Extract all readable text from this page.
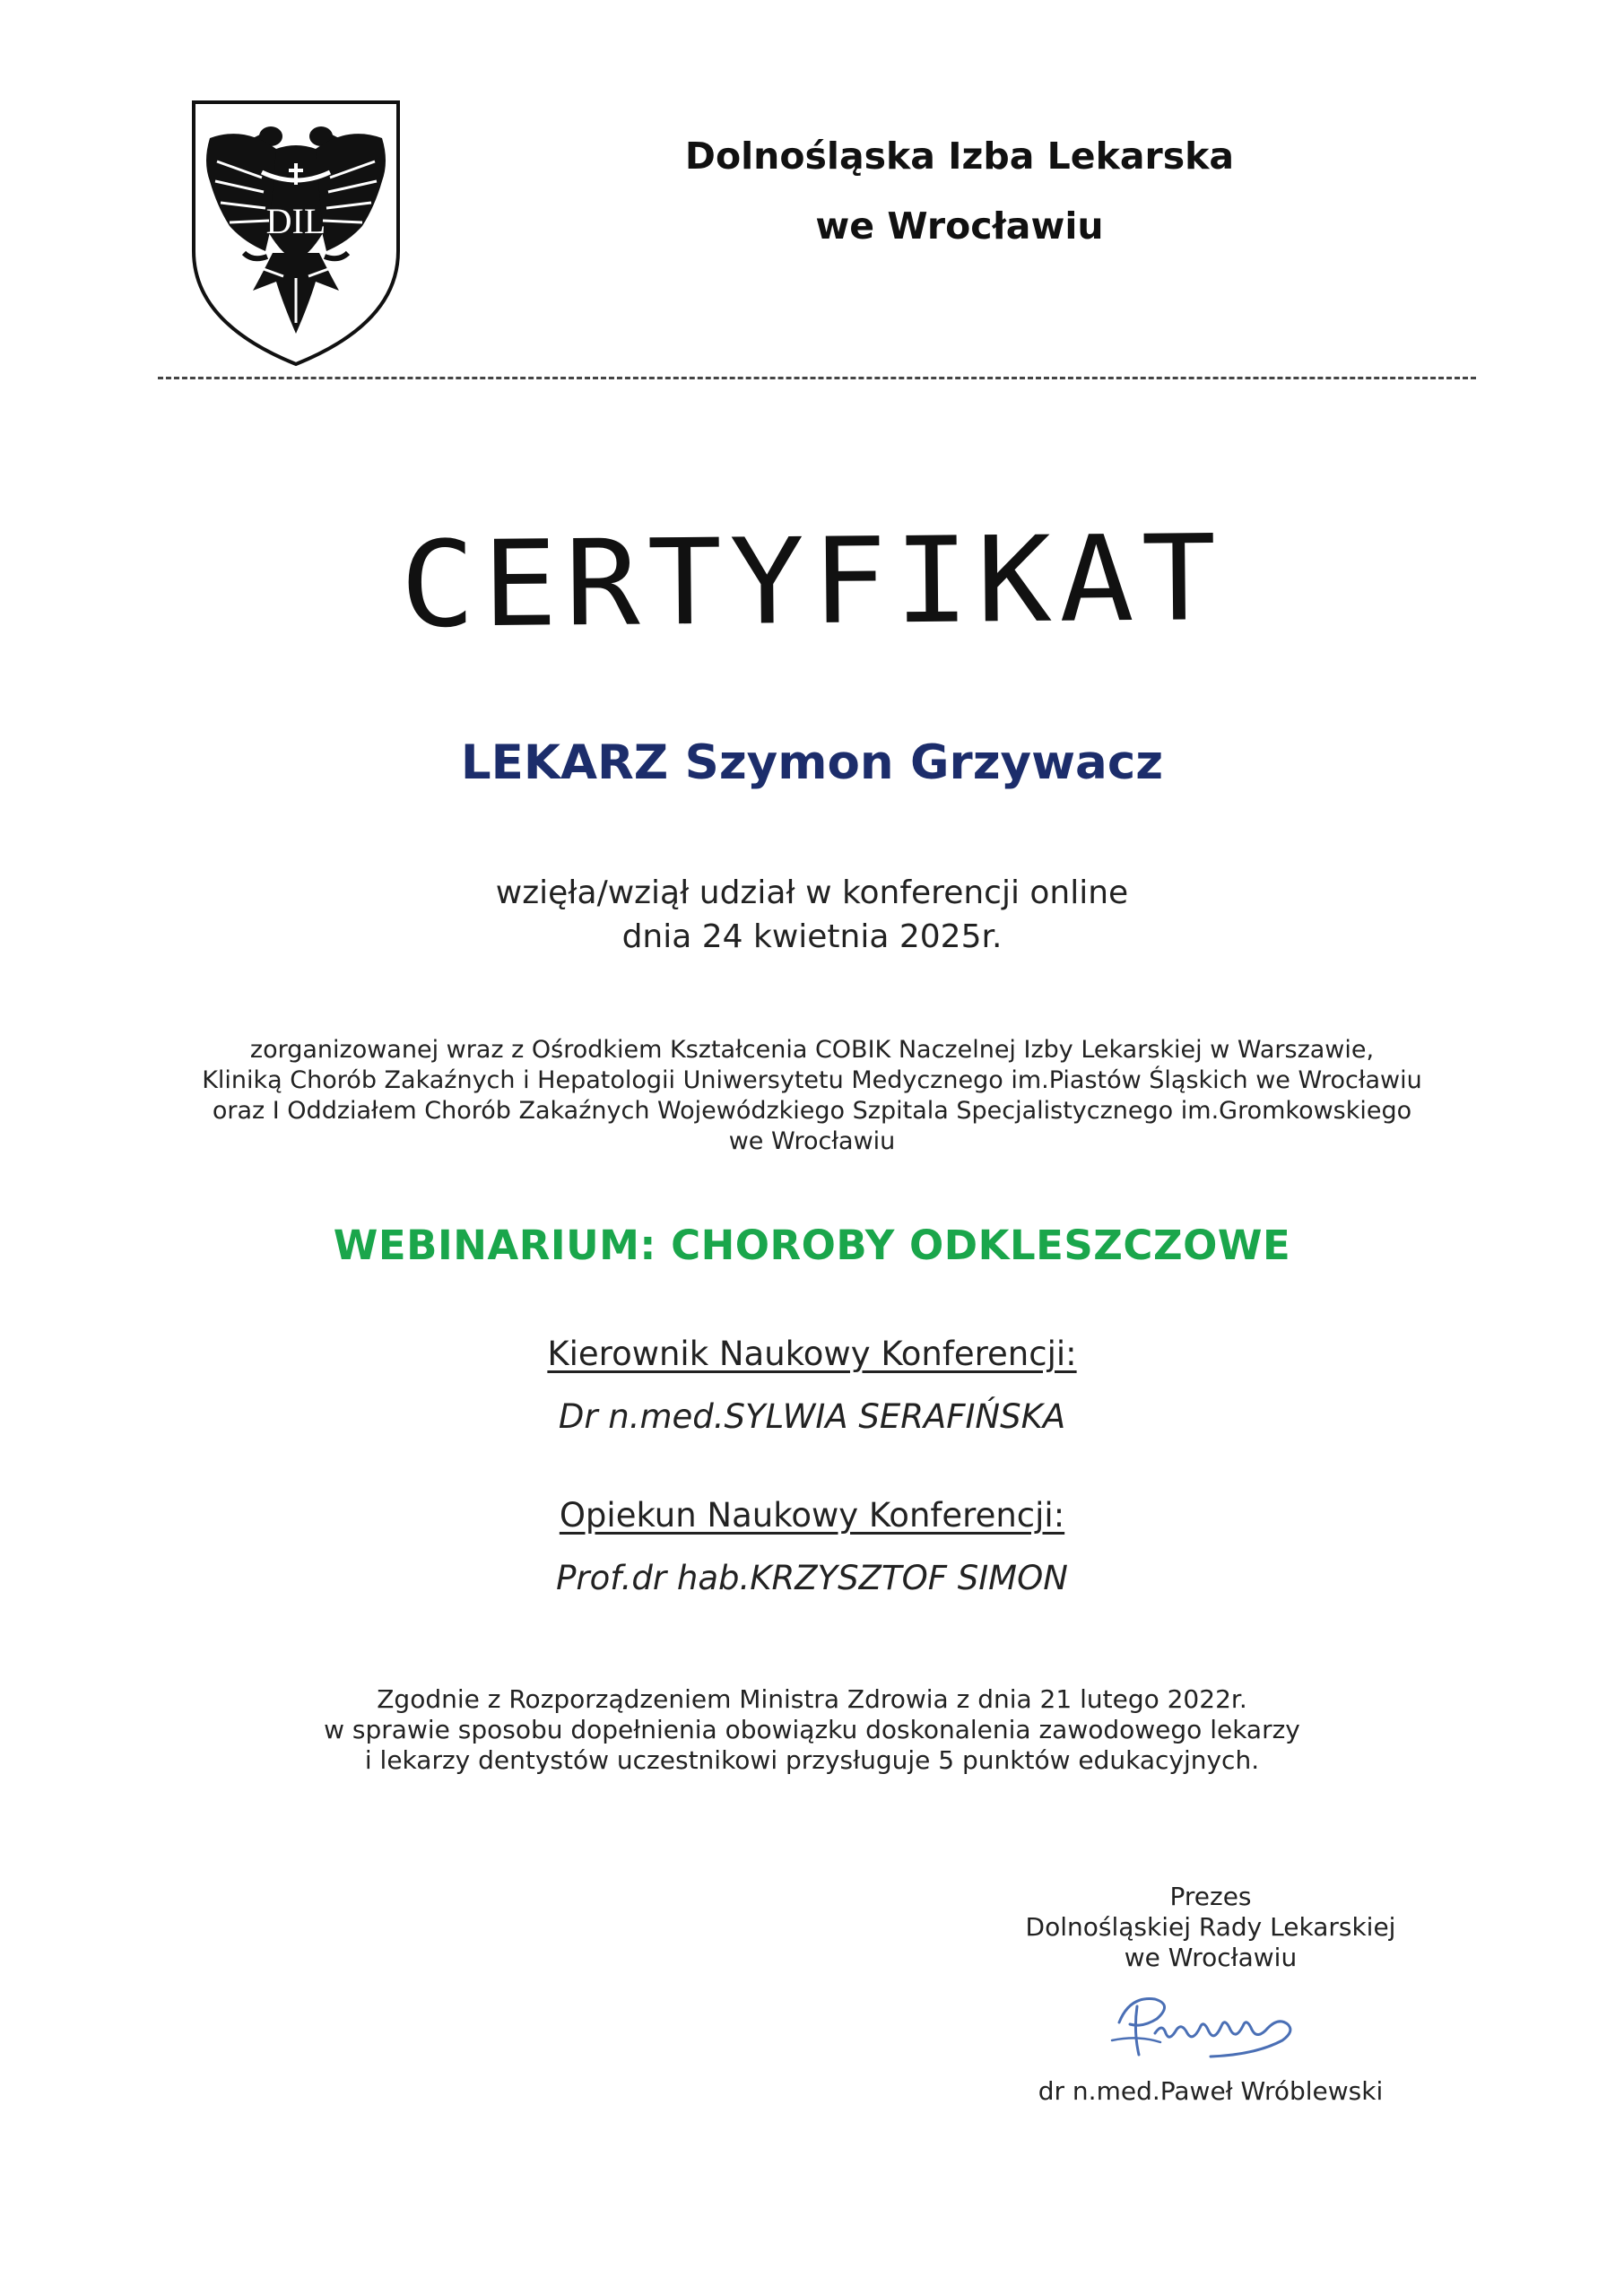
DIL
Dolnośląska Izba Lekarska
we Wrocławiu
CERTYFIKAT
LEKARZ Szymon Grzywacz
wzięła/wziął udział w konferencji online
dnia 24 kwietnia 2025r.
zorganizowanej wraz z Ośrodkiem Kształcenia COBIK Naczelnej Izby Lekarskiej w Warszawie,
Kliniką Chorób Zakaźnych i Hepatologii Uniwersytetu Medycznego im.Piastów Śląskich we Wrocławiu
oraz I Oddziałem Chorób Zakaźnych Wojewódzkiego Szpitala Specjalistycznego im.Gromkowskiego
we Wrocławiu
WEBINARIUM: CHOROBY ODKLESZCZOWE
Kierownik Naukowy Konferencji:
Dr n.med.SYLWIA SERAFIŃSKA
Opiekun Naukowy Konferencji:
Prof.dr hab.KRZYSZTOF SIMON
Zgodnie z Rozporządzeniem Ministra Zdrowia z dnia 21 lutego 2022r.
w sprawie sposobu dopełnienia obowiązku doskonalenia zawodowego lekarzy
i lekarzy dentystów uczestnikowi przysługuje 5 punktów edukacyjnych.
Prezes
Dolnośląskiej Rady Lekarskiej
we Wrocławiu
dr n.med.Paweł Wróblewski
